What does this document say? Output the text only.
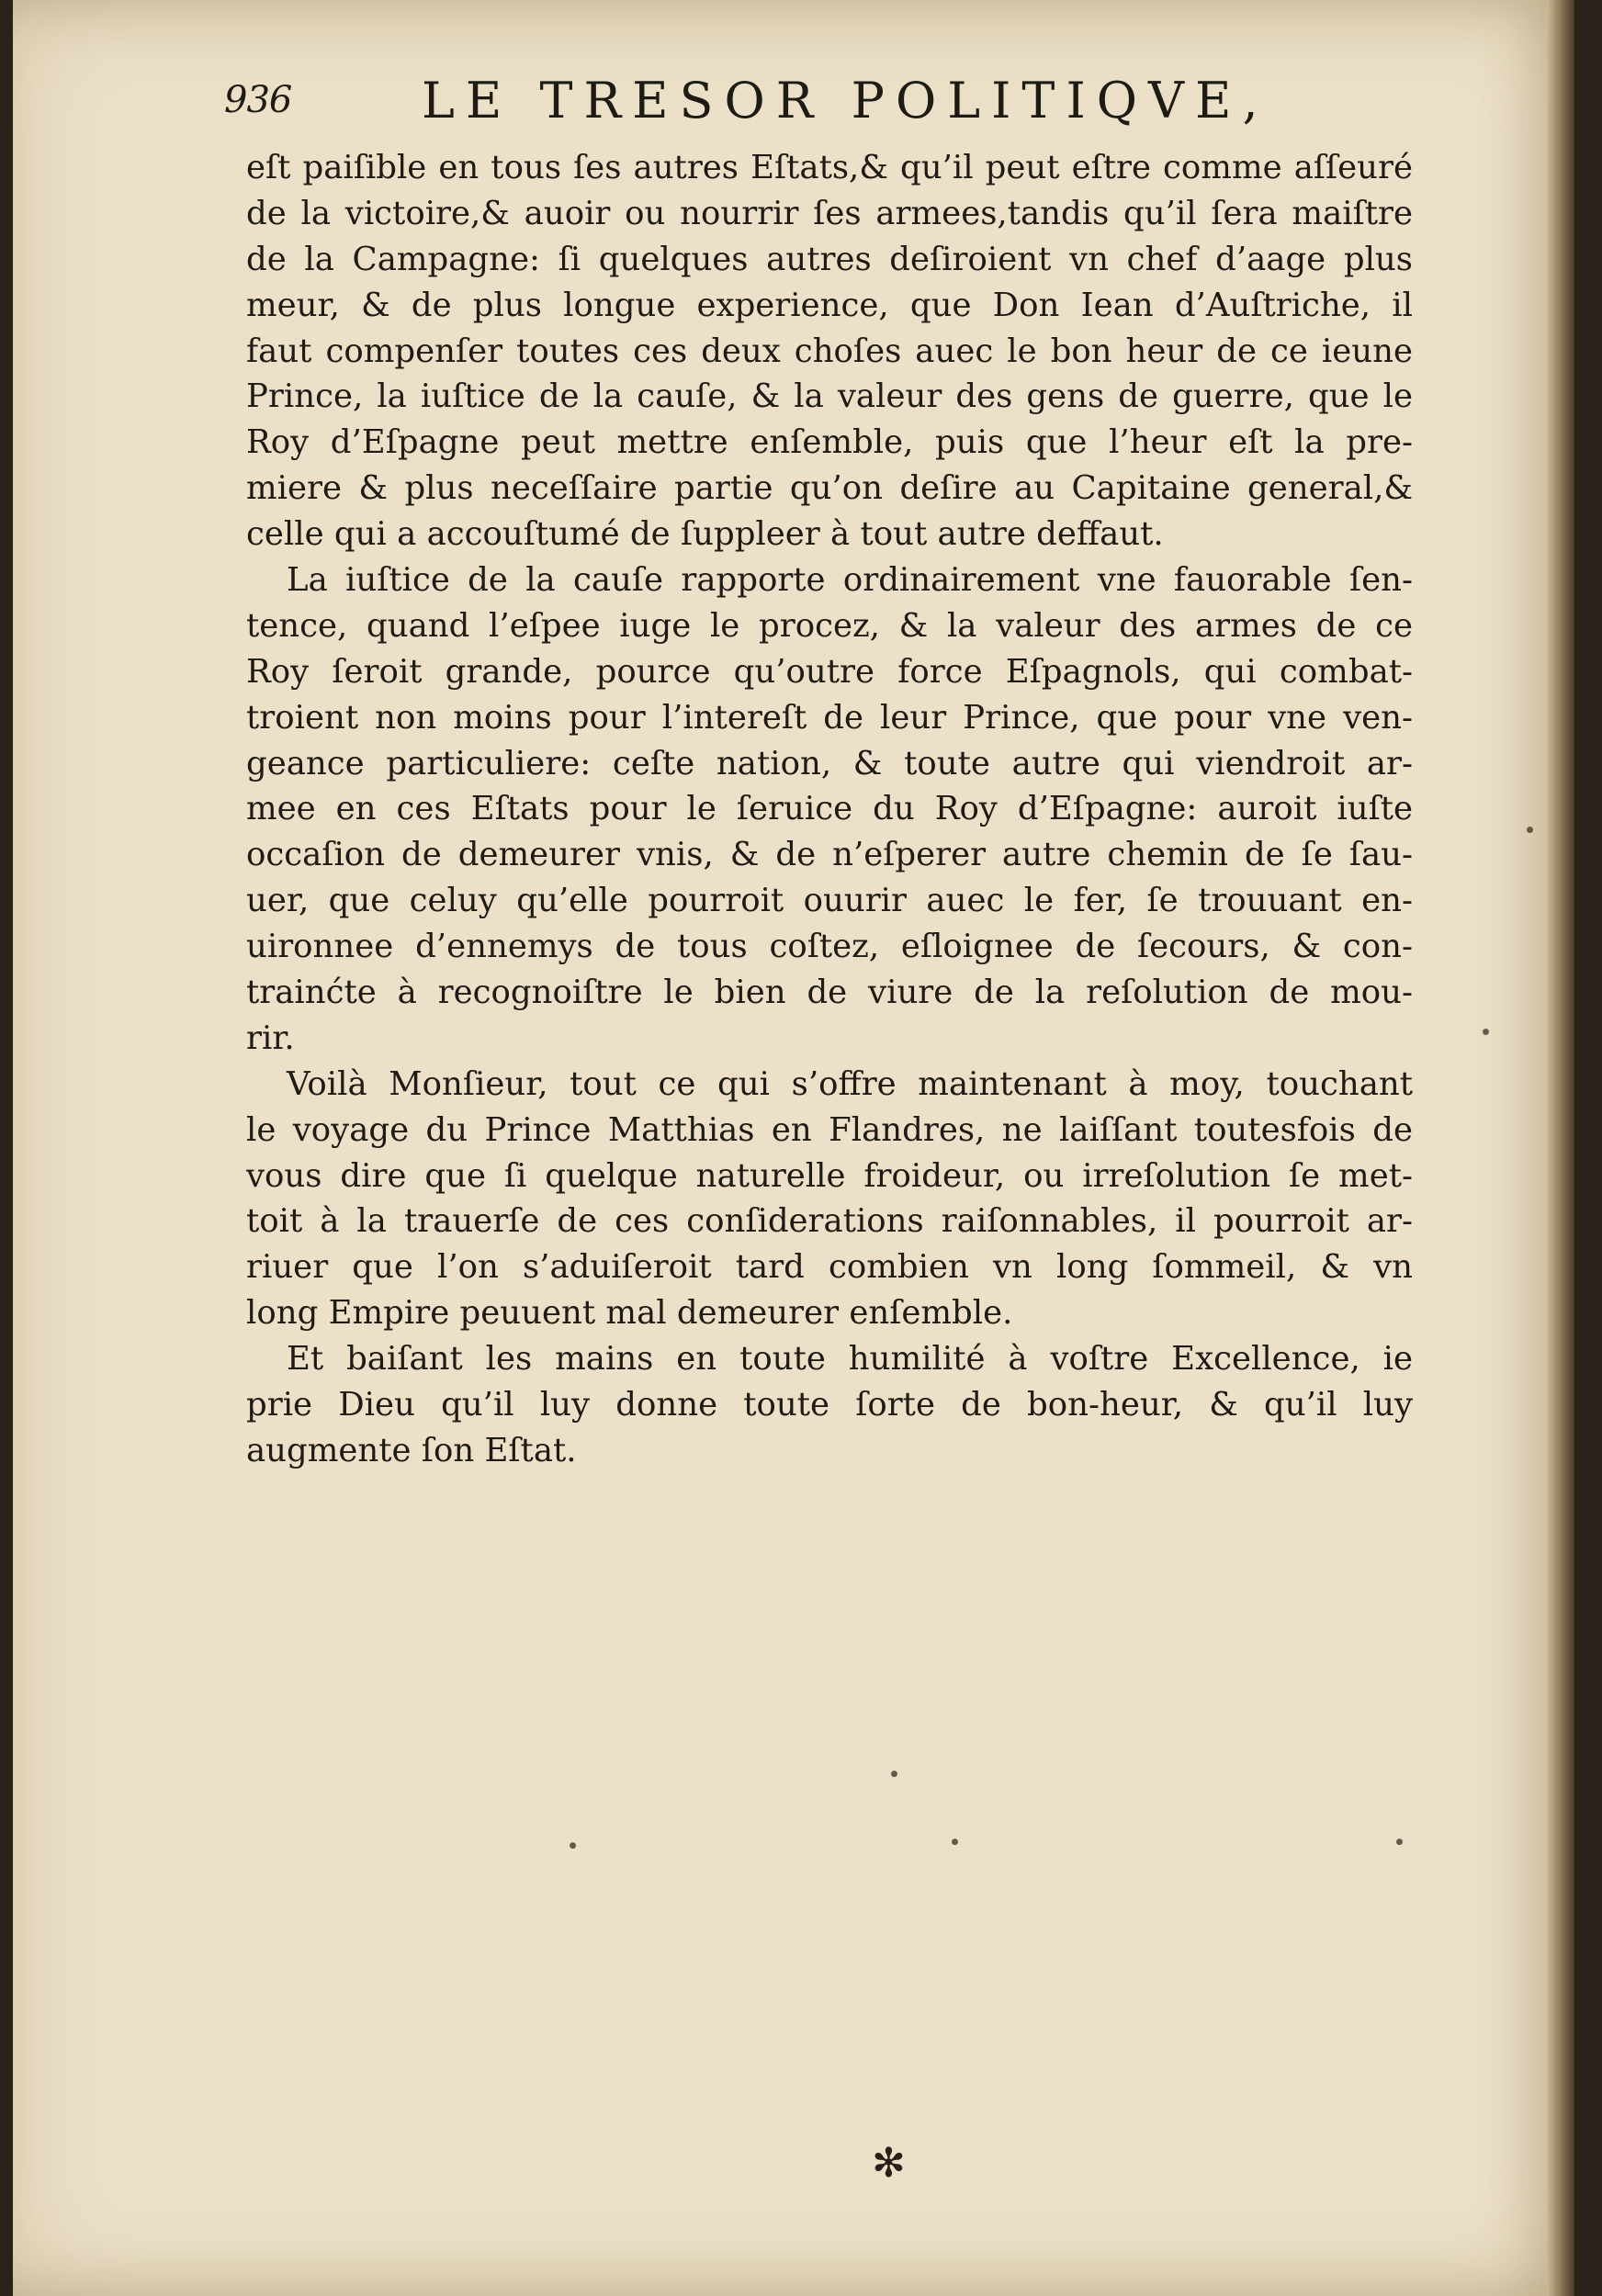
936	LE TRESOR POLITIQVE,
eſt paiſible en tous ſes autres Eſtats,& qu’il peut eſtre comme aſſeuré
de la victoire,& auoir ou nourrir ſes armees,tandis qu’il ſera maiſtre
de la Campagne: ſi quelques autres deſiroient vn chef d’aage plus
meur, & de plus longue experience, que Don Iean d’Auſtriche, il
faut compenſer toutes ces deux choſes auec le bon heur de ce ieune
Prince, la iuſtice de la cauſe, & la valeur des gens de guerre, que le
Roy d’Eſpagne peut mettre enſemble, puis que l’heur eſt la pre-
miere & plus neceſſaire partie qu’on deſire au Capitaine general,&
celle qui a accouſtumé de ſuppleer à tout autre deffaut.
La iuſtice de la cauſe rapporte ordinairement vne fauorable ſen-
tence, quand l’eſpee iuge le procez, & la valeur des armes de ce
Roy ſeroit grande, pource qu’outre force Eſpagnols, qui combat-
troient non moins pour l’intereſt de leur Prince, que pour vne ven-
geance particuliere: ceſte nation, & toute autre qui viendroit ar-
mee en ces Eſtats pour le ſeruice du Roy d’Eſpagne: auroit iuſte
occaſion de demeurer vnis, & de n’eſperer autre chemin de ſe ſau-
uer, que celuy qu’elle pourroit ouurir auec le fer, ſe trouuant en-
uironnee d’ennemys de tous coſtez, eſloignee de ſecours, & con-
trainćte à recognoiſtre le bien de viure de la reſolution de mou-
rir.
Voilà Monſieur, tout ce qui s’offre maintenant à moy, touchant
le voyage du Prince Matthias en Flandres, ne laiſſant toutesfois de
vous dire que ſi quelque naturelle froideur, ou irreſolution ſe met-
toit à la trauerſe de ces conſiderations raiſonnables, il pourroit ar-
riuer que l’on s’aduiſeroit tard combien vn long ſommeil, & vn
long Empire peuuent mal demeurer enſemble.
Et baiſant les mains en toute humilité à voſtre Excellence, ie
prie Dieu qu’il luy donne toute ſorte de bon-heur, & qu’il luy
augmente ſon Eſtat.
✻
